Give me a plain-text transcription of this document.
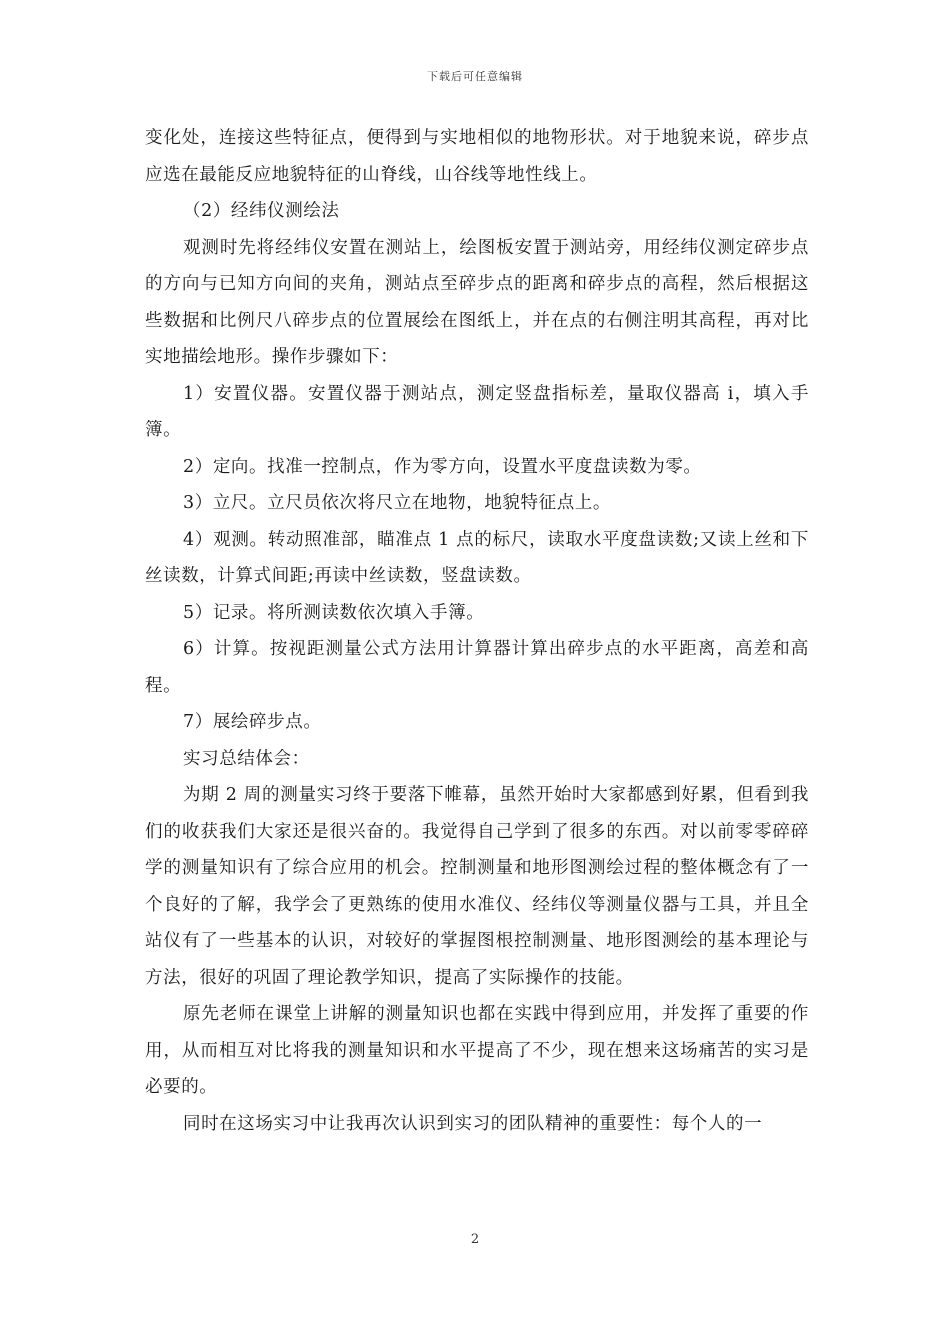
下载后可任意编辑

变化处，连接这些特征点，便得到与实地相似的地物形状。对于地貌来说，碎步点应选在最能反应地貌特征的山脊线，山谷线等地性线上。

（2）经纬仪测绘法

观测时先将经纬仪安置在测站上，绘图板安置于测站旁，用经纬仪测定碎步点的方向与已知方向间的夹角，测站点至碎步点的距离和碎步点的高程，然后根据这些数据和比例尺八碎步点的位置展绘在图纸上，并在点的右侧注明其高程，再对比实地描绘地形。操作步骤如下：

1）安置仪器。安置仪器于测站点，测定竖盘指标差，量取仪器高 i，填入手簿。

2）定向。找准一控制点，作为零方向，设置水平度盘读数为零。

3）立尺。立尺员依次将尺立在地物，地貌特征点上。

4）观测。转动照准部，瞄准点 1 点的标尺，读取水平度盘读数;又读上丝和下丝读数，计算式间距;再读中丝读数，竖盘读数。

5）记录。将所测读数依次填入手簿。

6）计算。按视距测量公式方法用计算器计算出碎步点的水平距离，高差和高程。

7）展绘碎步点。

实习总结体会：

为期 2 周的测量实习终于要落下帷幕，虽然开始时大家都感到好累，但看到我们的收获我们大家还是很兴奋的。我觉得自己学到了很多的东西。对以前零零碎碎学的测量知识有了综合应用的机会。控制测量和地形图测绘过程的整体概念有了一个良好的了解，我学会了更熟练的使用水准仪、经纬仪等测量仪器与工具，并且全站仪有了一些基本的认识，对较好的掌握图根控制测量、地形图测绘的基本理论与方法，很好的巩固了理论教学知识，提高了实际操作的技能。

原先老师在课堂上讲解的测量知识也都在实践中得到应用，并发挥了重要的作用，从而相互对比将我的测量知识和水平提高了不少，现在想来这场痛苦的实习是必要的。

同时在这场实习中让我再次认识到实习的团队精神的重要性：每个人的一

2
